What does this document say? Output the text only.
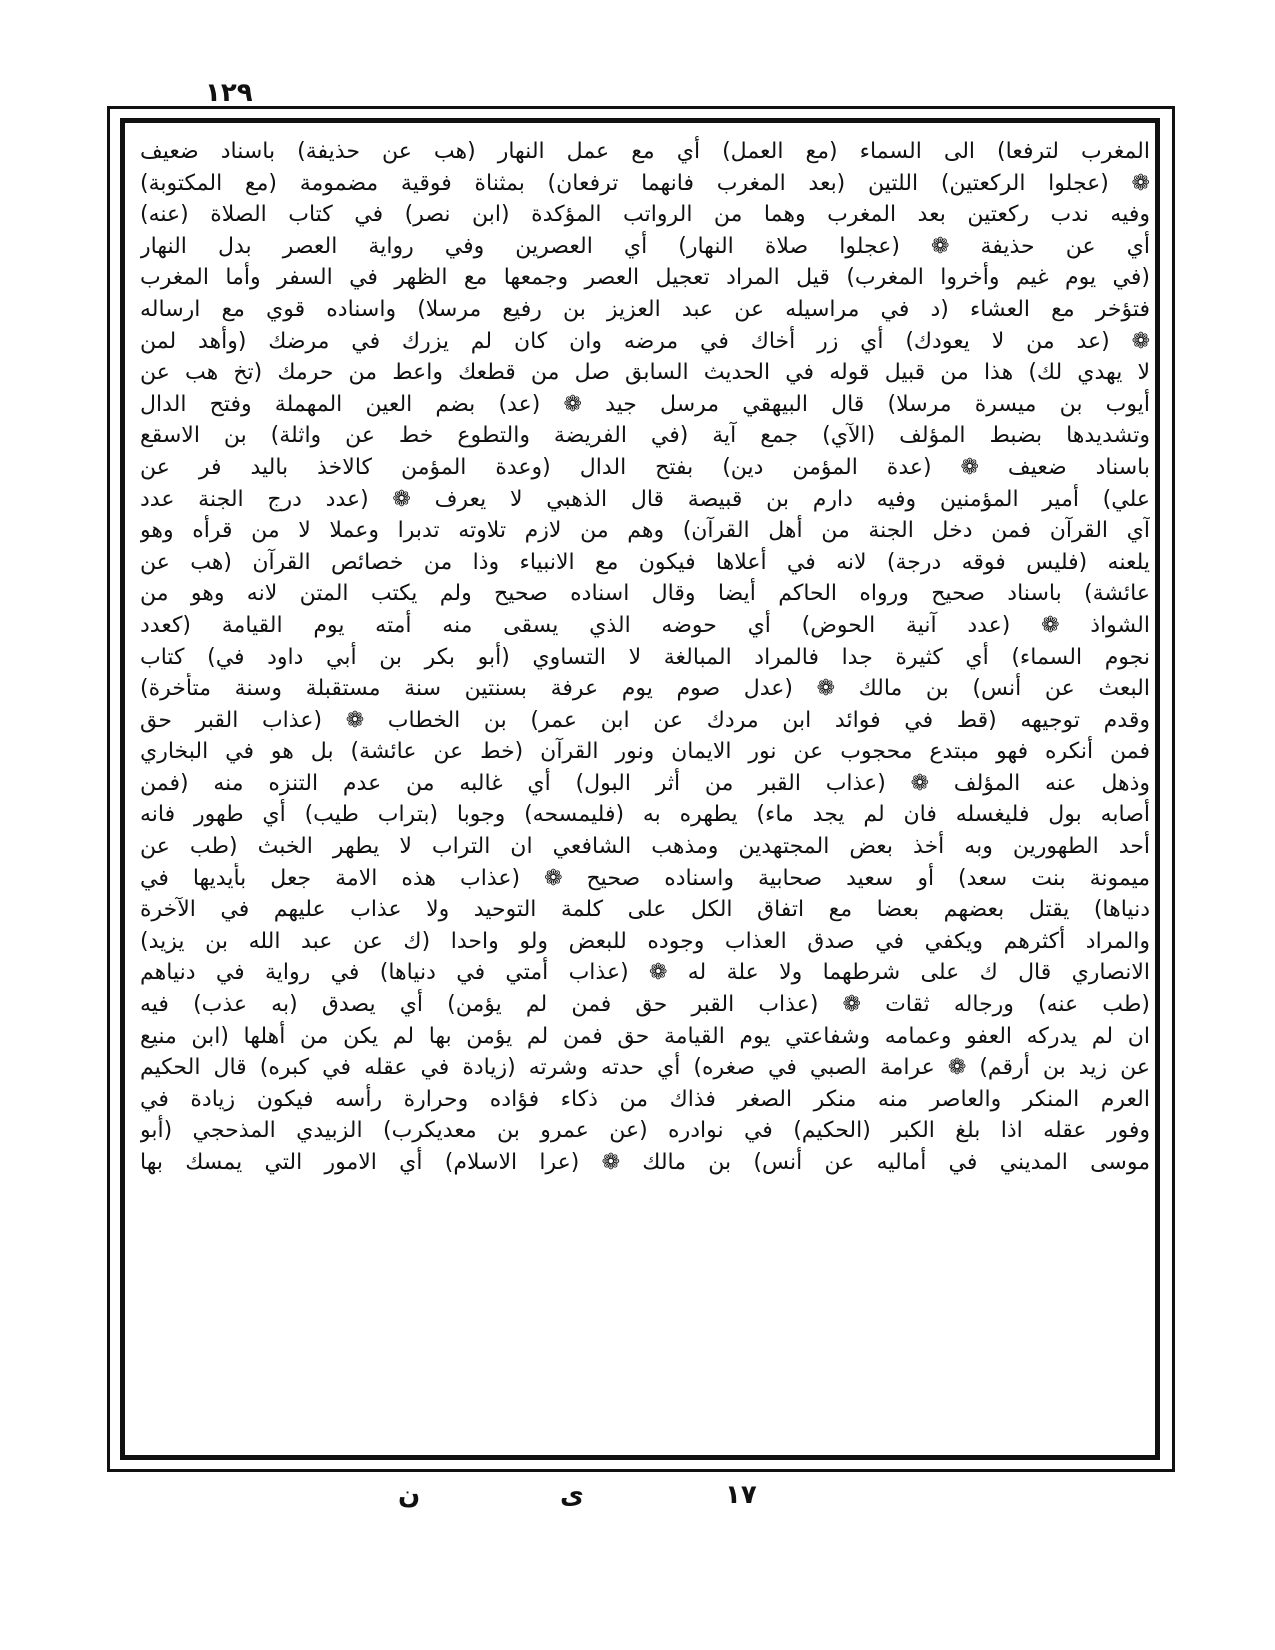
١٢٩
المغرب لترفعا) الى السماء (مع العمل) أي مع عمل النهار (هب عن حذيفة) باسناد ضعيف
❁ (عجلوا الركعتين) اللتين (بعد المغرب فانهما ترفعان) بمثناة فوقية مضمومة (مع المكتوبة)
وفيه ندب ركعتين بعد المغرب وهما من الرواتب المؤكدة (ابن نصر) في كتاب الصلاة (عنه)
أي عن حذيفة ❁ (عجلوا صلاة النهار) أي العصرين وفي رواية العصر بدل النهار
(في يوم غيم وأخروا المغرب) قيل المراد تعجيل العصر وجمعها مع الظهر في السفر وأما المغرب
فتؤخر مع العشاء (د في مراسيله عن عبد العزيز بن رفيع مرسلا) واسناده قوي مع ارساله
❁ (عد من لا يعودك) أي زر أخاك في مرضه وان كان لم يزرك في مرضك (وأهد لمن
لا يهدي لك) هذا من قبيل قوله في الحديث السابق صل من قطعك واعط من حرمك (تخ هب عن
أيوب بن ميسرة مرسلا) قال البيهقي مرسل جيد ❁ (عد) بضم العين المهملة وفتح الدال
وتشديدها بضبط المؤلف (الآي) جمع آية (في الفريضة والتطوع خط عن واثلة) بن الاسقع
باسناد ضعيف ❁ (عدة المؤمن دين) بفتح الدال (وعدة المؤمن كالاخذ باليد فر عن
علي) أمير المؤمنين وفيه دارم بن قبيصة قال الذهبي لا يعرف ❁ (عدد درج الجنة عدد
آي القرآن فمن دخل الجنة من أهل القرآن) وهم من لازم تلاوته تدبرا وعملا لا من قرأه وهو
يلعنه (فليس فوقه درجة) لانه في أعلاها فيكون مع الانبياء وذا من خصائص القرآن (هب عن
عائشة) باسناد صحيح ورواه الحاكم أيضا وقال اسناده صحيح ولم يكتب المتن لانه وهو من
الشواذ ❁ (عدد آنية الحوض) أي حوضه الذي يسقى منه أمته يوم القيامة (كعدد
نجوم السماء) أي كثيرة جدا فالمراد المبالغة لا التساوي (أبو بكر بن أبي داود في) كتاب
البعث عن أنس) بن مالك ❁ (عدل صوم يوم عرفة بسنتين سنة مستقبلة وسنة متأخرة)
وقدم توجيهه (قط في فوائد ابن مردك عن ابن عمر) بن الخطاب ❁ (عذاب القبر حق
فمن أنكره فهو مبتدع محجوب عن نور الايمان ونور القرآن (خط عن عائشة) بل هو في البخاري
وذهل عنه المؤلف ❁ (عذاب القبر من أثر البول) أي غالبه من عدم التنزه منه (فمن
أصابه بول فليغسله فان لم يجد ماء) يطهره به (فليمسحه) وجوبا (بتراب طيب) أي طهور فانه
أحد الطهورين وبه أخذ بعض المجتهدين ومذهب الشافعي ان التراب لا يطهر الخبث (طب عن
ميمونة بنت سعد) أو سعيد صحابية واسناده صحيح ❁ (عذاب هذه الامة جعل بأيديها في
دنياها) يقتل بعضهم بعضا مع اتفاق الكل على كلمة التوحيد ولا عذاب عليهم في الآخرة
والمراد أكثرهم ويكفي في صدق العذاب وجوده للبعض ولو واحدا (ك عن عبد الله بن يزيد)
الانصاري قال ك على شرطهما ولا علة له ❁ (عذاب أمتي في دنياها) في رواية في دنياهم
(طب عنه) ورجاله ثقات ❁ (عذاب القبر حق فمن لم يؤمن) أي يصدق (به عذب) فيه
ان لم يدركه العفو وعمامه وشفاعتي يوم القيامة حق فمن لم يؤمن بها لم يكن من أهلها (ابن منيع
عن زيد بن أرقم) ❁ عرامة الصبي في صغره) أي حدته وشرته (زيادة في عقله في كبره) قال الحكيم
العرم المنكر والعاصر منه منكر الصغر فذاك من ذكاء فؤاده وحرارة رأسه فيكون زيادة في
وفور عقله اذا بلغ الكبر (الحكيم) في نوادره (عن عمرو بن معديكرب) الزبيدي المذحجي (أبو
موسى المديني في أماليه عن أنس) بن مالك ❁ (عرا الاسلام) أي الامور التي يمسك بها
١٧
ى
ن
